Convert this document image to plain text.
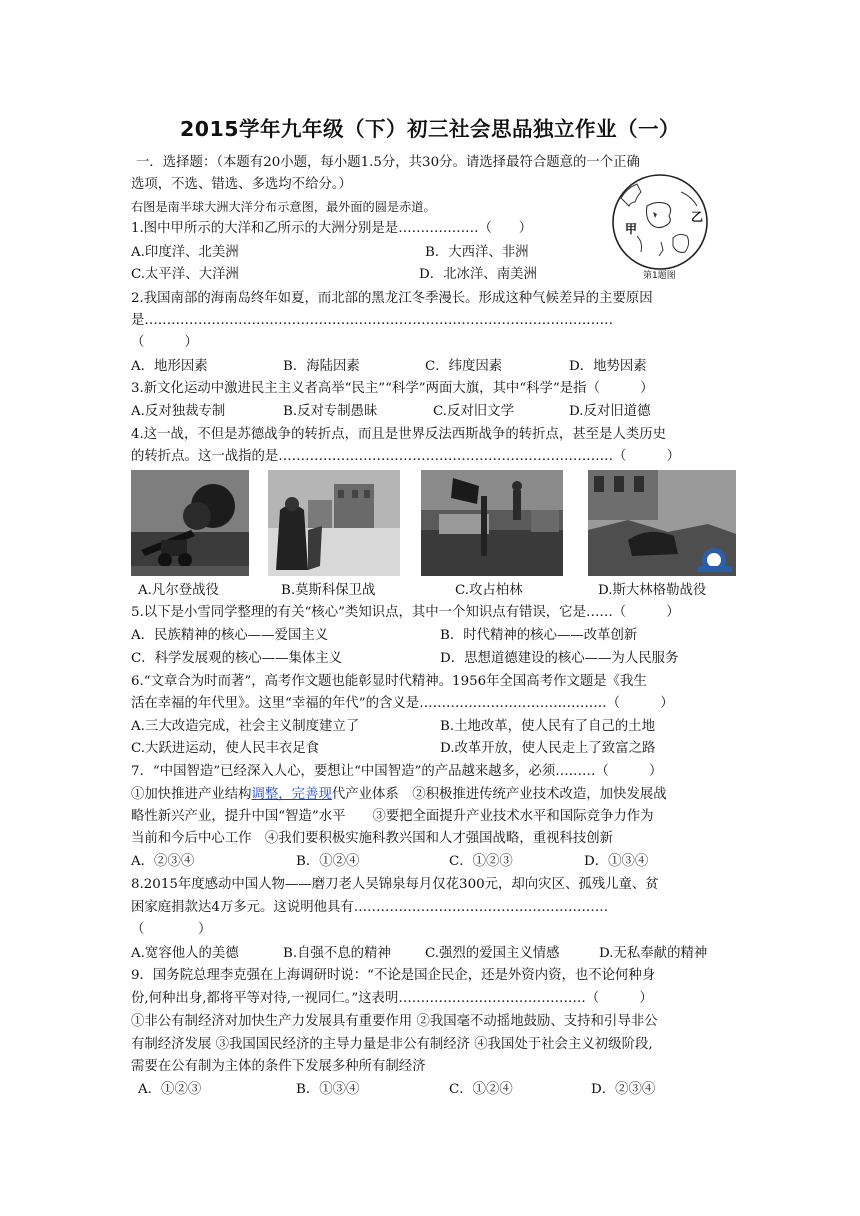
2015学年九年级（下）初三社会思品独立作业（一）
一．选择题：（本题有20小题，每小题1.5分，共30分。请选择最符合题意的一个正确
选项，不选、错选、多选均不给分。）
右图是南半球大洲大洋分布示意图，最外面的圆是赤道。
甲
乙
第1题图
1.图中甲所示的大洋和乙所示的大洲分别是是………………（　　）
A.印度洋、北美洲	B．大西洋、非洲
C.太平洋、大洋洲	D．北冰洋、南美洲
2.我国南部的海南岛终年如夏，而北部的黑龙江冬季漫长。形成这种气候差异的主要原因
是……………………………………………………………………………………………
（　　　）
A．地形因素	B．海陆因素	C．纬度因素	D．地势因素
3.新文化运动中激进民主主义者高举“民主”“科学”两面大旗，其中“科学”是指（　　　）
A.反对独裁专制	B.反对专制愚昧	C.反对旧文学	D.反对旧道德
4.这一战，不但是苏德战争的转折点，而且是世界反法西斯战争的转折点，甚至是人类历史
的转折点。这一战指的是…………………………………………………………………（　　　）
A.凡尔登战役	B.莫斯科保卫战	C.攻占柏林	D.斯大林格勒战役
5.以下是小雪同学整理的有关“核心”类知识点，其中一个知识点有错误，它是……（　　　）
A．民族精神的核心——爱国主义	B．时代精神的核心——改革创新
C．科学发展观的核心——集体主义	D．思想道德建设的核心——为人民服务
6.“文章合为时而著”，高考作文题也能彰显时代精神。1956年全国高考作文题是《我生
活在幸福的年代里》。这里“幸福的年代”的含义是……………………………………（　　　）
A.三大改造完成，社会主义制度建立了	B.土地改革，使人民有了自己的土地
C.大跃进运动，使人民丰衣足食	D.改革开放，使人民走上了致富之路
7．“中国智造”已经深入人心，要想让“中国智造”的产品越来越多，必须………（　　　）
①加快推进产业结构调整，完善现代产业体系　②积极推进传统产业技术改造，加快发展战
略性新兴产业，提升中国“智造”水平　　③要把全面提升产业技术水平和国际竞争力作为
当前和今后中心工作　④我们要积极实施科教兴国和人才强国战略，重视科技创新
A．②③④	B．①②④	C．①②③	D．①③④
8.2015年度感动中国人物——磨刀老人吴锦泉每月仅花300元，却向灾区、孤残儿童、贫
困家庭捐款达4万多元。这说明他具有…………………………………………………
（　　　　）
A.宽容他人的美德	B.自强不息的精神	C.强烈的爱国主义情感	D.无私奉献的精神
9．国务院总理李克强在上海调研时说：“不论是国企民企，还是外资内资，也不论何种身
份,何种出身,都将平等对待,一视同仁。”这表明……………………………………（　　　）
①非公有制经济对加快生产力发展具有重要作用 ②我国毫不动摇地鼓励、支持和引导非公
有制经济发展 ③我国国民经济的主导力量是非公有制经济 ④我国处于社会主义初级阶段,
需要在公有制为主体的条件下发展多种所有制经济
A．①②③	B．①③④	C．①②④	D．②③④
